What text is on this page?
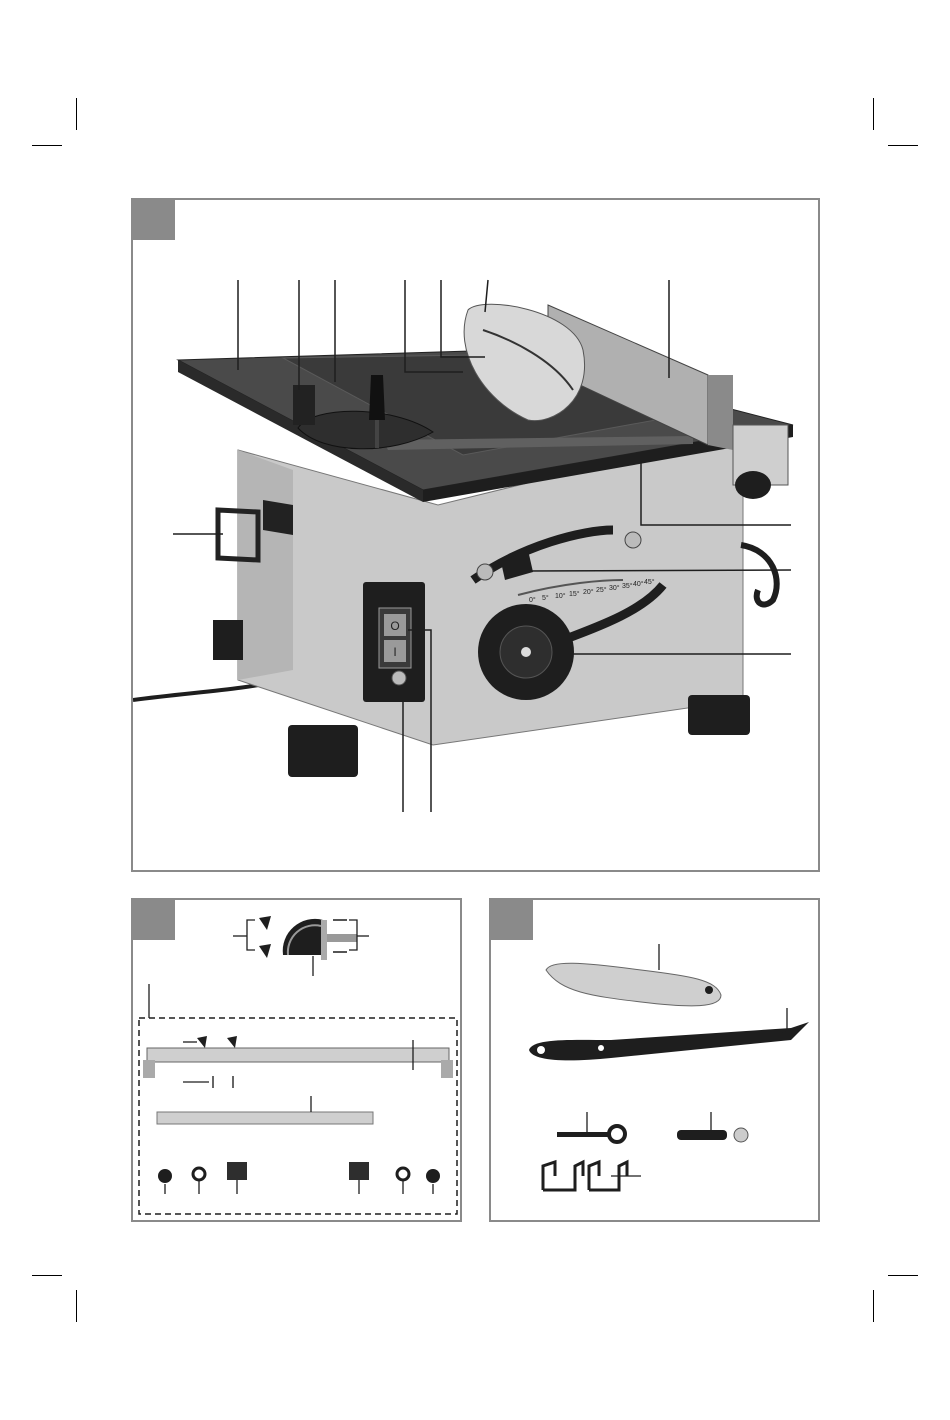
0° 5° 10° 15° 20° 25° 30° 35° 40° 45°
O
I
